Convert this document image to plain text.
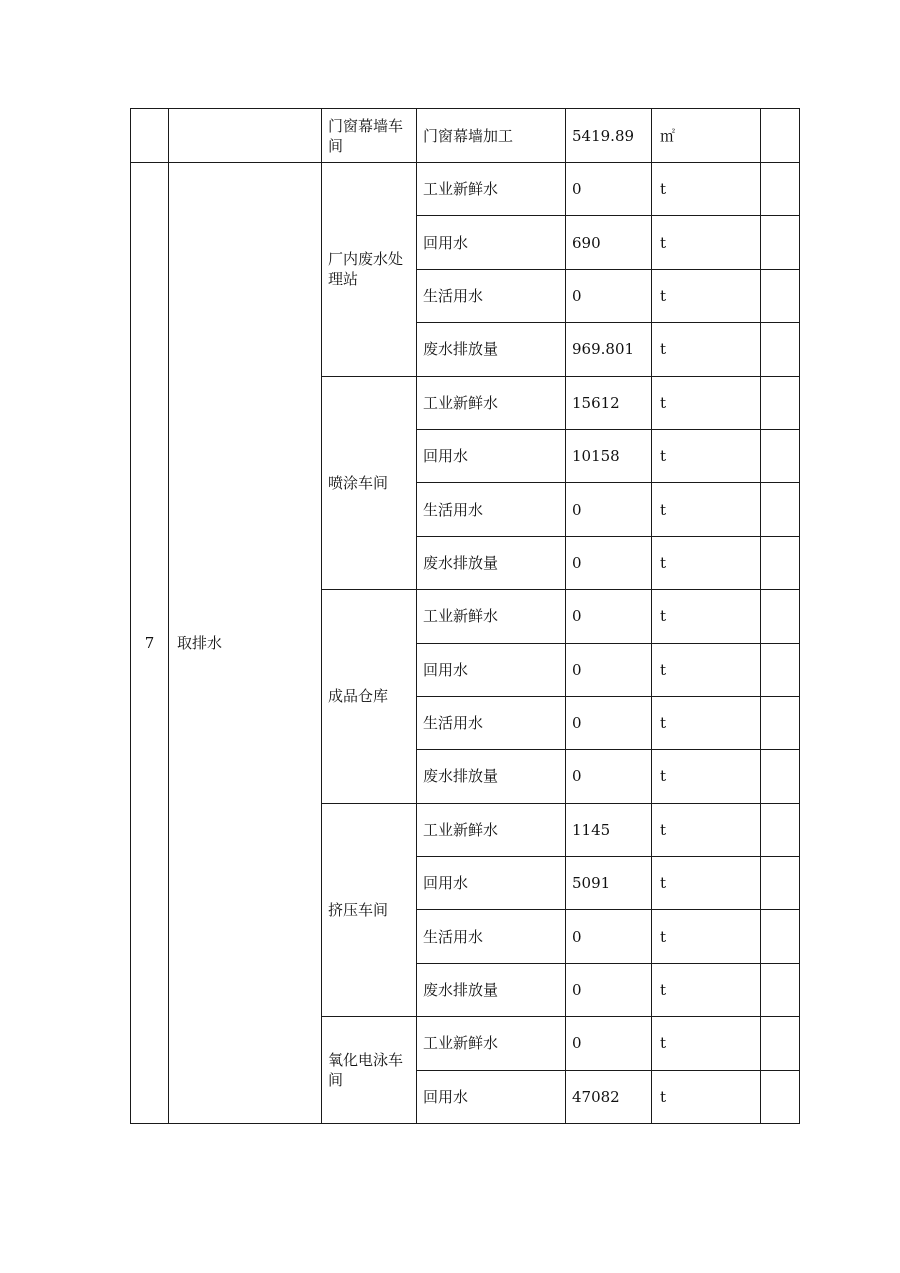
		门窗幕墙车间	门窗幕墙加工	5419.89	㎡	
7	取排水	厂内废水处理站	工业新鲜水	0	t	
			回用水	690	t	
			生活用水	0	t	
			废水排放量	969.801	t	
		喷涂车间	工业新鲜水	15612	t	
			回用水	10158	t	
			生活用水	0	t	
			废水排放量	0	t	
		成品仓库	工业新鲜水	0	t	
			回用水	0	t	
			生活用水	0	t	
			废水排放量	0	t	
		挤压车间	工业新鲜水	1145	t	
			回用水	5091	t	
			生活用水	0	t	
			废水排放量	0	t	
		氧化电泳车间	工业新鲜水	0	t	
			回用水	47082	t	
